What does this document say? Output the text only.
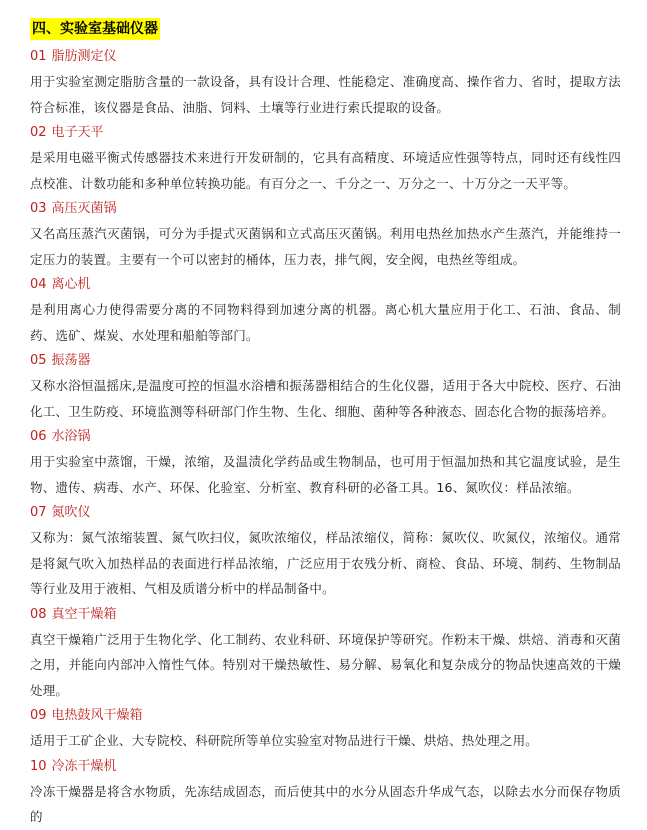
四、实验室基础仪器
01 脂肪测定仪
用于实验室测定脂肪含量的一款设备，具有设计合理、性能稳定、准确度高、操作省力、省时，提取方法符合标准，该仪器是食品、油脂、饲料、土壤等行业进行索氏提取的设备。
02 电子天平
是采用电磁平衡式传感器技术来进行开发研制的，它具有高精度、环境适应性强等特点，同时还有线性四点校准、计数功能和多种单位转换功能。有百分之一、千分之一、万分之一、十万分之一天平等。
03 高压灭菌锅
又名高压蒸汽灭菌锅，可分为手提式灭菌锅和立式高压灭菌锅。利用电热丝加热水产生蒸汽，并能维持一定压力的装置。主要有一个可以密封的桶体，压力表，排气阀，安全阀，电热丝等组成。
04 离心机
是利用离心力使得需要分离的不同物料得到加速分离的机器。离心机大量应用于化工、石油、食品、制药、选矿、煤炭、水处理和船舶等部门。
05 振荡器
又称水浴恒温摇床,是温度可控的恒温水浴槽和振荡器相结合的生化仪器，适用于各大中院校、医疗、石油化工、卫生防疫、环境监测等科研部门作生物、生化、细胞、菌种等各种液态、固态化合物的振荡培养。
06 水浴锅
用于实验室中蒸馏，干燥，浓缩，及温渍化学药品或生物制品，也可用于恒温加热和其它温度试验，是生物、遗传、病毒、水产、环保、化验室、分析室、教育科研的必备工具。16、氮吹仪：样品浓缩。
07 氮吹仪
又称为：氮气浓缩装置、氮气吹扫仪，氮吹浓缩仪，样品浓缩仪，简称：氮吹仪、吹氮仪，浓缩仪。通常是将氮气吹入加热样品的表面进行样品浓缩，广泛应用于农残分析、商检、食品、环境、制药、生物制品等行业及用于液相、气相及质谱分析中的样品制备中。
08 真空干燥箱
真空干燥箱广泛用于生物化学、化工制药、农业科研、环境保护等研究。作粉末干燥、烘焙、消毒和灭菌之用，并能向内部冲入惰性气体。特别对干燥热敏性、易分解、易氧化和复杂成分的物品快速高效的干燥处理。
09 电热鼓风干燥箱
适用于工矿企业、大专院校、科研院所等单位实验室对物品进行干燥、烘焙、热处理之用。
10 冷冻干燥机
冷冻干燥器是将含水物质，先冻结成固态，而后使其中的水分从固态升华成气态，以除去水分而保存物质的
